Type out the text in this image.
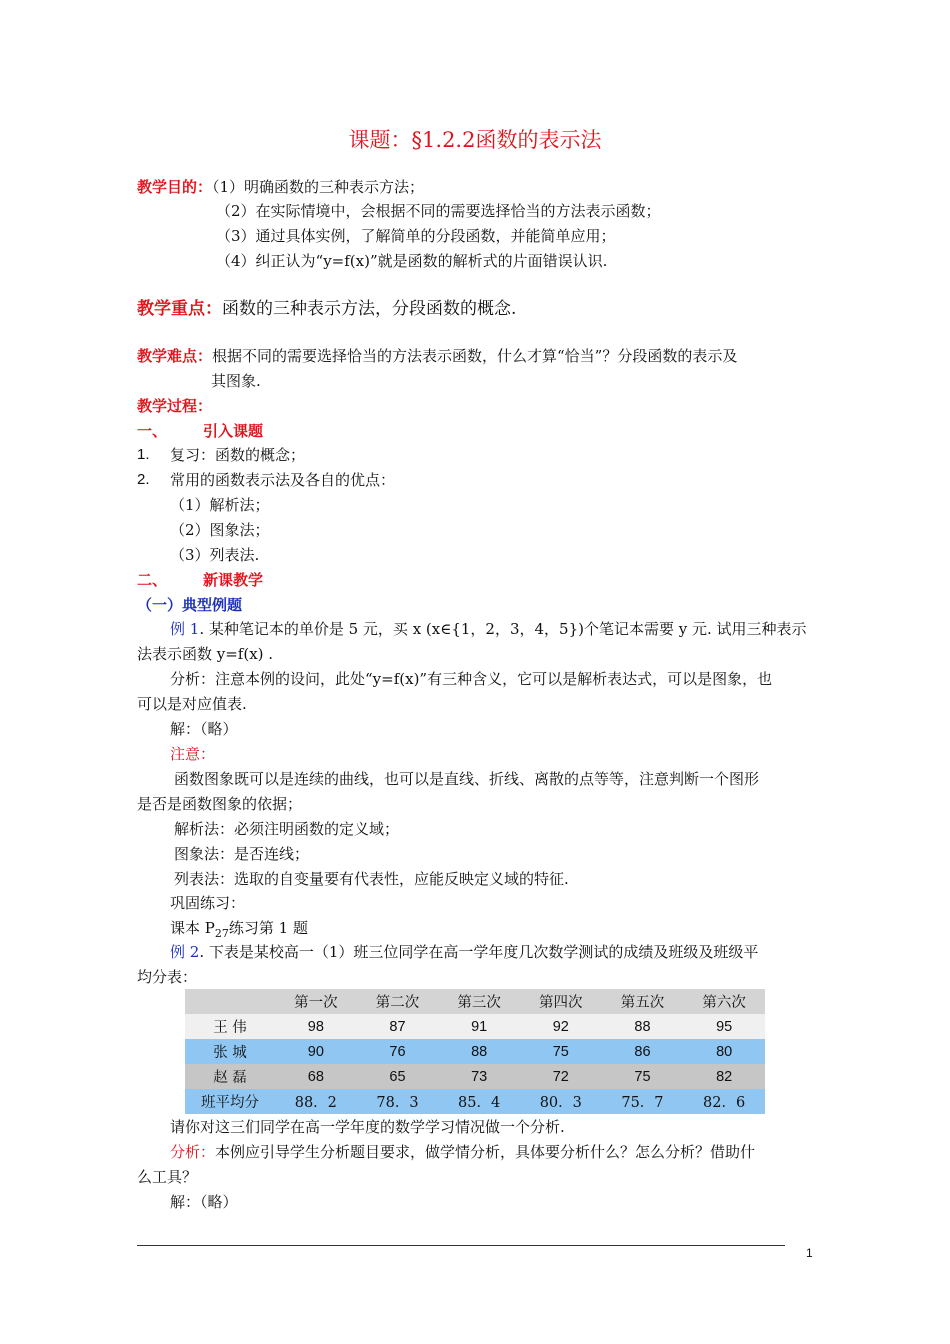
课题：§1.2.2函数的表示法
教学目的：（1）明确函数的三种表示方法；
（2）在实际情境中，会根据不同的需要选择恰当的方法表示函数；
（3）通过具体实例，了解简单的分段函数，并能简单应用；
（4）纠正认为“y=f(x)”就是函数的解析式的片面错误认识.
教学重点：函数的三种表示方法，分段函数的概念.
教学难点：根据不同的需要选择恰当的方法表示函数，什么才算“恰当”？分段函数的表示及
其图象.
教学过程：
一、 引入课题
1. 复习：函数的概念；
2. 常用的函数表示法及各自的优点：
（1）解析法；
（2）图象法；
（3）列表法.
二、 新课教学
（一）典型例题
例 1. 某种笔记本的单价是 5 元，买 x (x∈{1，2，3，4，5})个笔记本需要 y 元. 试用三种表示
法表示函数 y=f(x) .
分析：注意本例的设问，此处“y=f(x)”有三种含义，它可以是解析表达式，可以是图象，也
可以是对应值表.
解：（略）
注意：
函数图象既可以是连续的曲线，也可以是直线、折线、离散的点等等，注意判断一个图形
是否是函数图象的依据；
解析法：必须注明函数的定义域；
图象法：是否连线；
列表法：选取的自变量要有代表性，应能反映定义域的特征.
巩固练习：
课本 $P_{27}$练习第 1 题
例 2. 下表是某校高一（1）班三位同学在高一学年度几次数学测试的成绩及班级及班级平
均分表：
	第一次	第二次	第三次	第四次	第五次	第六次
王 伟	98	87	91	92	88	95
张 城	90	76	88	75	86	80
赵 磊	68	65	73	72	75	82
班平均分	88．2	78．3	85．4	80．3	75．7	82．6
请你对这三们同学在高一学年度的数学学习情况做一个分析.
分析：本例应引导学生分析题目要求，做学情分析，具体要分析什么？怎么分析？借助什
么工具？
解：（略）
1
